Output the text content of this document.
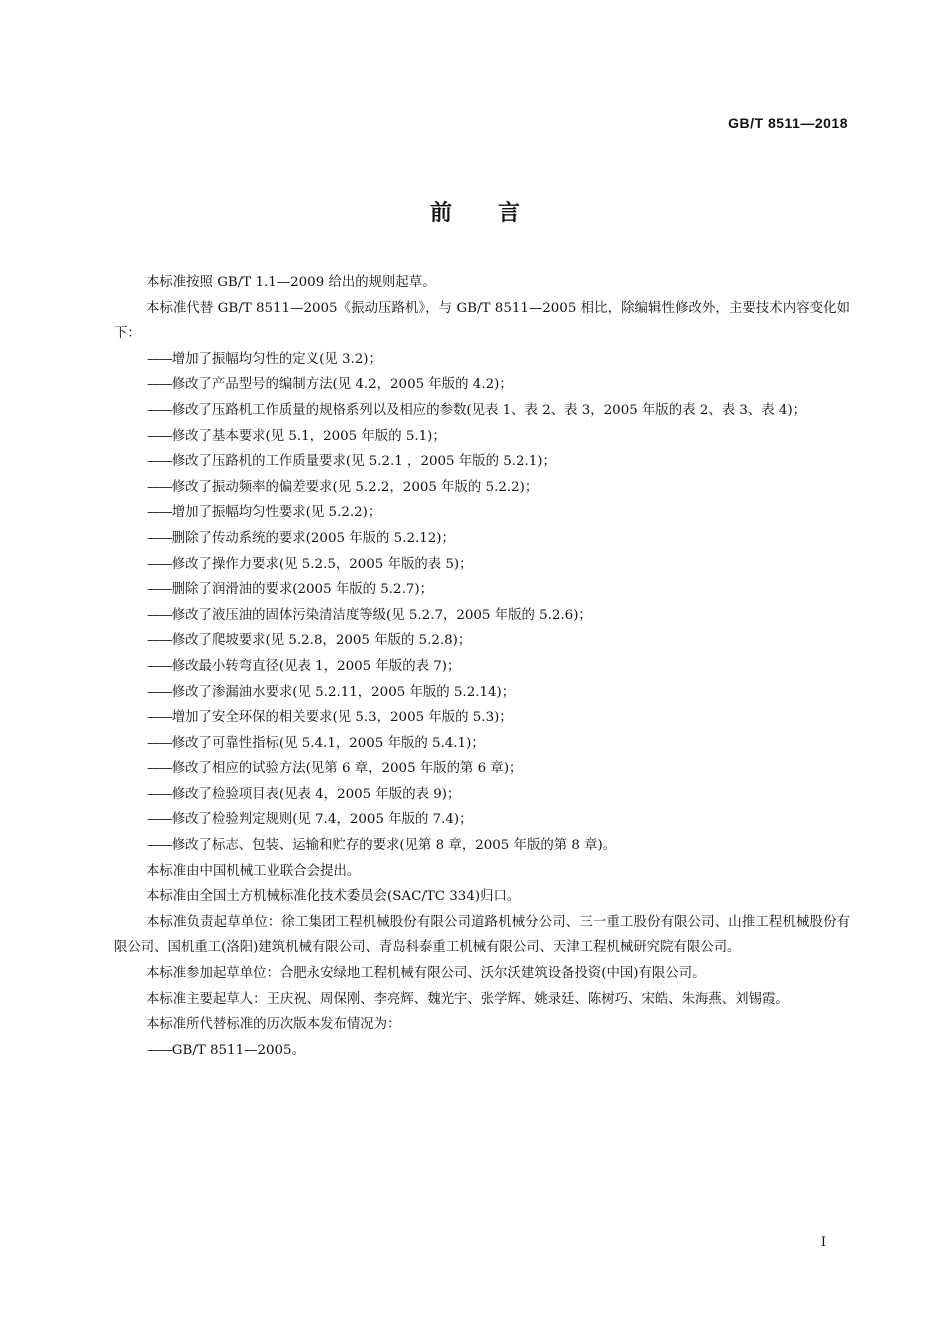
GB/T 8511—2018
前 言

本标准按照 GB/T 1.1—2009 给出的规则起草。

本标准代替 GB/T 8511—2005《振动压路机》，与 GB/T 8511—2005 相比，除编辑性修改外，主要技术内容变化如下：

——增加了振幅均匀性的定义(见 3.2)；

——修改了产品型号的编制方法(见 4.2，2005 年版的 4.2)；

——修改了压路机工作质量的规格系列以及相应的参数(见表 1、表 2、表 3，2005 年版的表 2、表 3、表 4)；

——修改了基本要求(见 5.1，2005 年版的 5.1)；

——修改了压路机的工作质量要求(见 5.2.1 ，2005 年版的 5.2.1)；

——修改了振动频率的偏差要求(见 5.2.2，2005 年版的 5.2.2)；

——增加了振幅均匀性要求(见 5.2.2)；

——删除了传动系统的要求(2005 年版的 5.2.12)；

——修改了操作力要求(见 5.2.5，2005 年版的表 5)；

——删除了润滑油的要求(2005 年版的 5.2.7)；

——修改了液压油的固体污染清洁度等级(见 5.2.7，2005 年版的 5.2.6)；

——修改了爬坡要求(见 5.2.8，2005 年版的 5.2.8)；

——修改最小转弯直径(见表 1，2005 年版的表 7)；

——修改了渗漏油水要求(见 5.2.11，2005 年版的 5.2.14)；

——增加了安全环保的相关要求(见 5.3，2005 年版的 5.3)；

——修改了可靠性指标(见 5.4.1，2005 年版的 5.4.1)；

——修改了相应的试验方法(见第 6 章，2005 年版的第 6 章)；

——修改了检验项目表(见表 4，2005 年版的表 9)；

——修改了检验判定规则(见 7.4，2005 年版的 7.4)；

——修改了标志、包装、运输和贮存的要求(见第 8 章，2005 年版的第 8 章)。

本标准由中国机械工业联合会提出。

本标准由全国土方机械标准化技术委员会(SAC/TC 334)归口。

本标准负责起草单位：徐工集团工程机械股份有限公司道路机械分公司、三一重工股份有限公司、山推工程机械股份有限公司、国机重工(洛阳)建筑机械有限公司、青岛科泰重工机械有限公司、天津工程机械研究院有限公司。

本标准参加起草单位：合肥永安绿地工程机械有限公司、沃尔沃建筑设备投资(中国)有限公司。

本标准主要起草人：王庆祝、周保刚、李亮辉、魏光宇、张学辉、姚录廷、陈树巧、宋皓、朱海燕、刘锡霞。

本标准所代替标准的历次版本发布情况为：

——GB/T 8511—2005。

I
